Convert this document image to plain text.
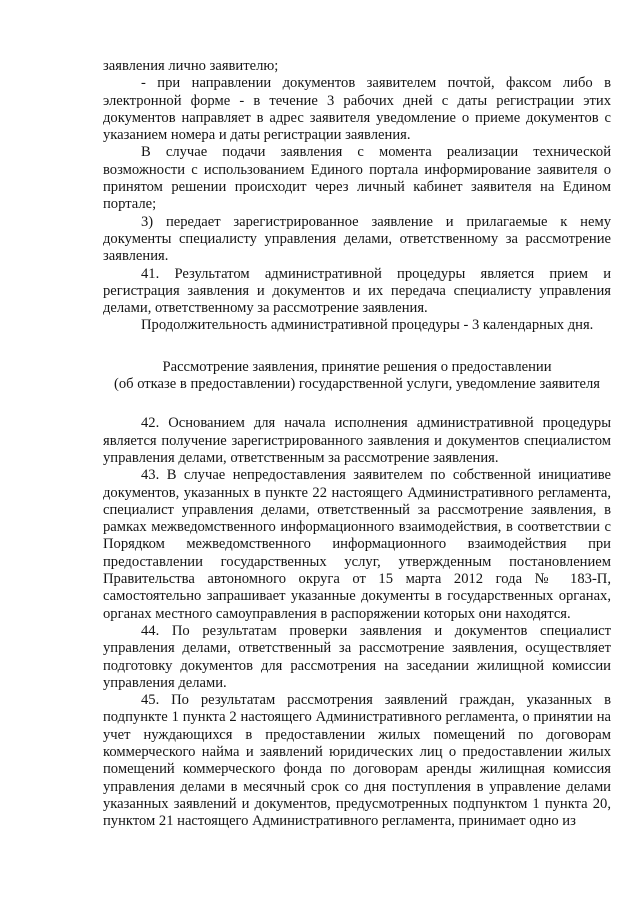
заявления лично заявителю;

- при направлении документов заявителем почтой, факсом либо в электронной форме - в течение 3 рабочих дней с даты регистрации этих документов направляет в адрес заявителя уведомление о приеме документов с указанием номера и даты регистрации заявления.

В случае подачи заявления с момента реализации технической возможности с использованием Единого портала информирование заявителя о принятом решении происходит через личный кабинет заявителя на Едином портале;

3) передает зарегистрированное заявление и прилагаемые к нему документы специалисту управления делами, ответственному за рассмотрение заявления.

41. Результатом административной процедуры является прием и регистрация заявления и документов и их передача специалисту управления делами, ответственному за рассмотрение заявления.

Продолжительность административной процедуры - 3 календарных дня.

Рассмотрение заявления, принятие решения о предоставлении

(об отказе в предоставлении) государственной услуги, уведомление заявителя

42. Основанием для начала исполнения административной процедуры является получение зарегистрированного заявления и документов специалистом управления делами, ответственным за рассмотрение заявления.

43. В случае непредоставления заявителем по собственной инициативе документов, указанных в пункте 22 настоящего Административного регламента, специалист управления делами, ответственный за рассмотрение заявления, в рамках межведомственного информационного взаимодействия, в соответствии с Порядком межведомственного информационного взаимодействия при предоставлении государственных услуг, утвержденным постановлением Правительства автономного округа от 15 марта 2012 года № 183-П, самостоятельно запрашивает указанные документы в государственных органах, органах местного самоуправления в распоряжении которых они находятся.

44. По результатам проверки заявления и документов специалист управления делами, ответственный за рассмотрение заявления, осуществляет подготовку документов для рассмотрения на заседании жилищной комиссии управления делами.

45. По результатам рассмотрения заявлений граждан, указанных в подпункте 1 пункта 2 настоящего Административного регламента, о принятии на учет нуждающихся в предоставлении жилых помещений по договорам коммерческого найма и заявлений юридических лиц о предоставлении жилых помещений коммерческого фонда по договорам аренды жилищная комиссия управления делами в месячный срок со дня поступления в управление делами указанных заявлений и документов, предусмотренных подпунктом 1 пункта 20, пунктом 21 настоящего Административного регламента, принимает одно из
